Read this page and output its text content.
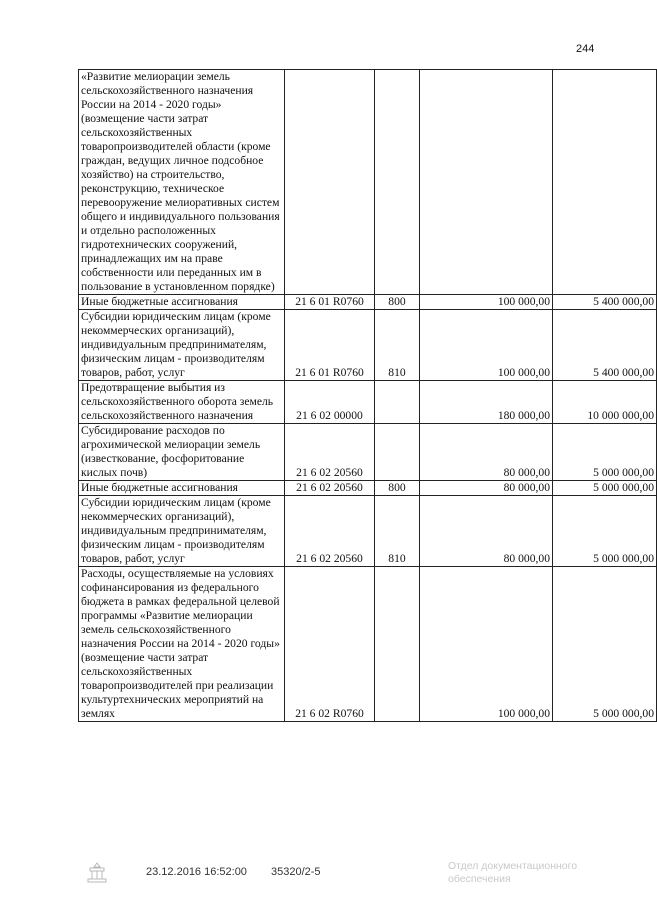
244
«Развитие мелиорации земель сельскохозяйственного назначения России на 2014 - 2020 годы» (возмещение части затрат сельскохозяйственных товаропроизводителей области (кроме граждан, ведущих личное подсобное хозяйство) на строительство, реконструкцию, техническое перевооружение мелиоративных систем общего и индивидуального пользования и отдельно расположенных гидротехнических сооружений, принадлежащих им на праве собственности или переданных им в пользование в установленном порядке)				
Иные бюджетные ассигнования	21 6 01 R0760	800	100 000,00	5 400 000,00
Субсидии юридическим лицам (кроме некоммерческих организаций), индивидуальным предпринимателям, физическим лицам - производителям товаров, работ, услуг	21 6 01 R0760	810	100 000,00	5 400 000,00
Предотвращение выбытия из сельскохозяйственного оборота земель сельскохозяйственного назначения	21 6 02 00000		180 000,00	10 000 000,00
Субсидирование расходов по агрохимической мелиорации земель (известкование, фосфоритование кислых почв)	21 6 02 20560		80 000,00	5 000 000,00
Иные бюджетные ассигнования	21 6 02 20560	800	80 000,00	5 000 000,00
Субсидии юридическим лицам (кроме некоммерческих организаций), индивидуальным предпринимателям, физическим лицам - производителям товаров, работ, услуг	21 6 02 20560	810	80 000,00	5 000 000,00
Расходы, осуществляемые на условиях софинансирования из федерального бюджета в рамках федеральной целевой программы «Развитие мелиорации земель сельскохозяйственного назначения России на 2014 - 2020 годы» (возмещение части затрат сельскохозяйственных товаропроизводителей при реализации культуртехнических мероприятий на землях	21 6 02 R0760		100 000,00	5 000 000,00
23.12.2016 16:52:00 35320/2-5	Отдел документационного обеспечения
